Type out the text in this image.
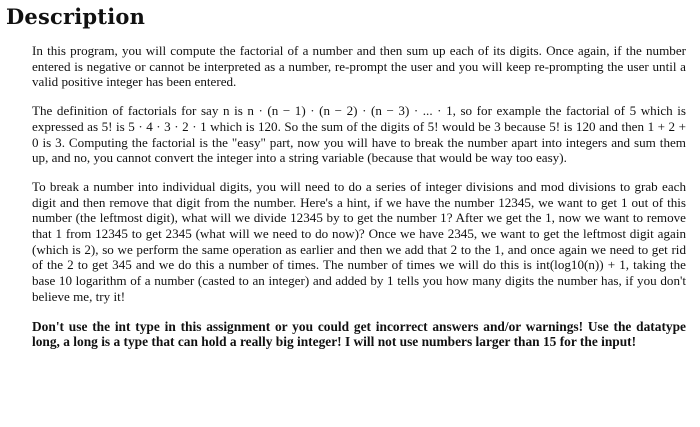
Description

In this program, you will compute the factorial of a number and then sum up each of its digits. Once again, if the number entered is negative or cannot be interpreted as a number, re-prompt the user and you will keep re-prompting the user until a valid positive integer has been entered.

The definition of factorials for say n is n · (n − 1) · (n − 2) · (n − 3) · ... · 1, so for example the factorial of 5 which is expressed as 5! is 5 · 4 · 3 · 2 · 1 which is 120. So the sum of the digits of 5! would be 3 because 5! is 120 and then 1 + 2 + 0 is 3. Computing the factorial is the "easy" part, now you will have to break the number apart into integers and sum them up, and no, you cannot convert the integer into a string variable (because that would be way too easy).

To break a number into individual digits, you will need to do a series of integer divisions and mod divisions to grab each digit and then remove that digit from the number. Here's a hint, if we have the number 12345, we want to get 1 out of this number (the leftmost digit), what will we divide 12345 by to get the number 1? After we get the 1, now we want to remove that 1 from 12345 to get 2345 (what will we need to do now)? Once we have 2345, we want to get the leftmost digit again (which is 2), so we perform the same operation as earlier and then we add that 2 to the 1, and once again we need to get rid of the 2 to get 345 and we do this a number of times. The number of times we will do this is int(log10(n)) + 1, taking the base 10 logarithm of a number (casted to an integer) and added by 1 tells you how many digits the number has, if you don't believe me, try it!

Don't use the int type in this assignment or you could get incorrect answers and/or warnings! Use the datatype long, a long is a type that can hold a really big integer! I will not use numbers larger than 15 for the input!
